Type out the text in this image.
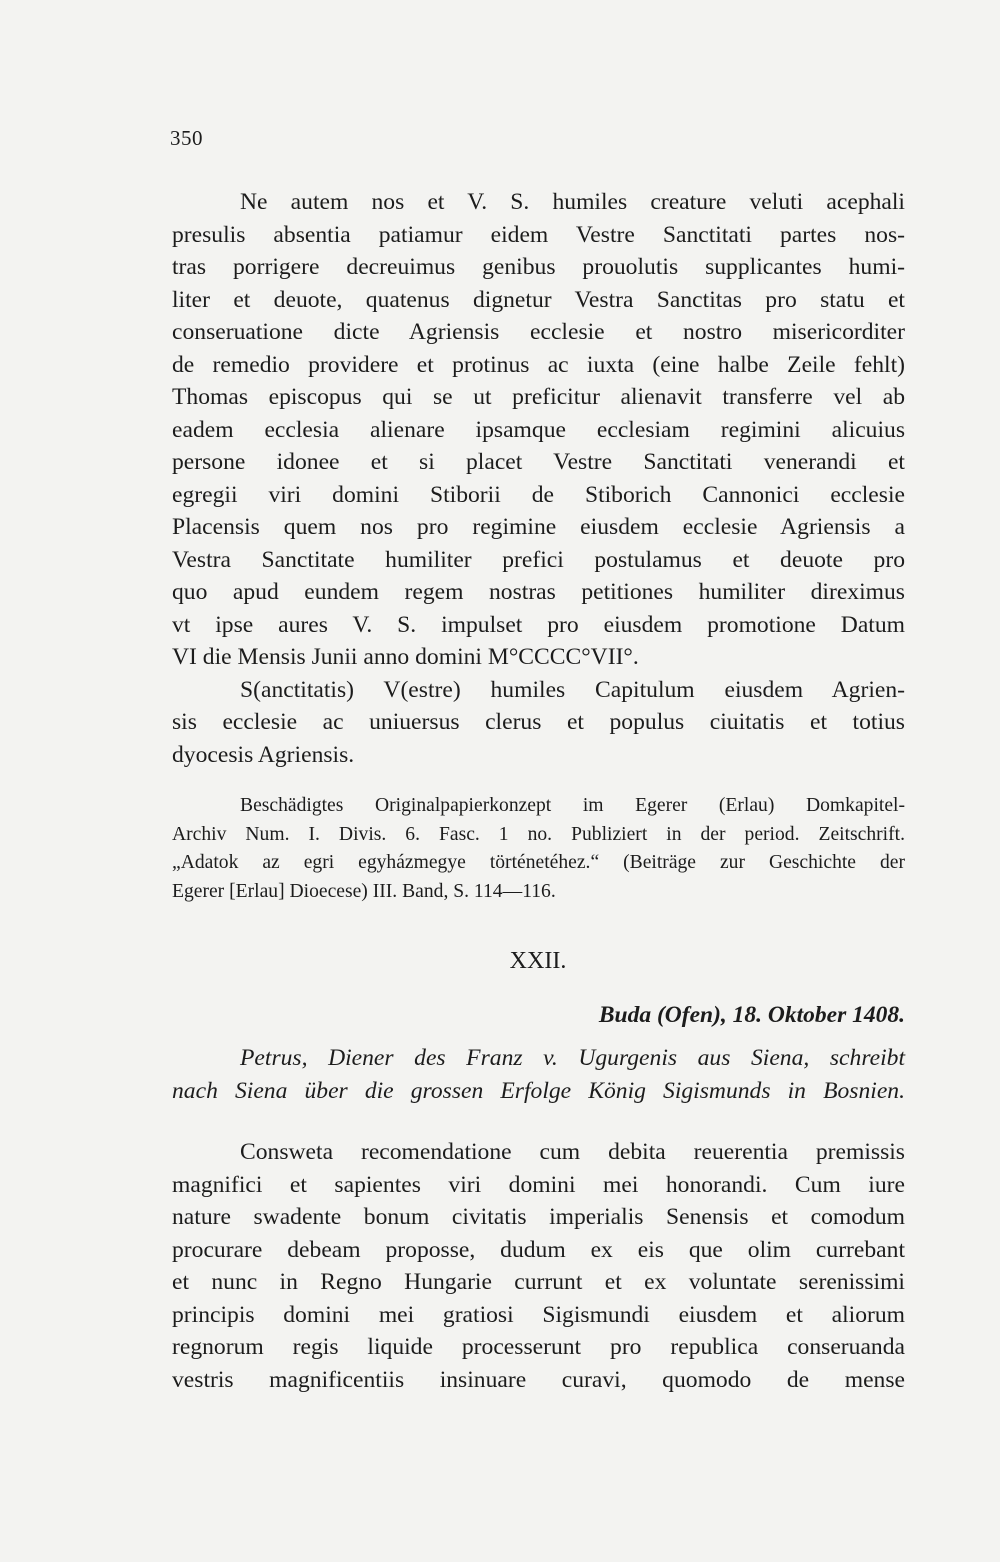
350
Ne autem nos et V. S. humiles creature veluti acephali
presulis absentia patiamur eidem Vestre Sanctitati partes nos-
tras porrigere decreuimus genibus prouolutis supplicantes humi-
liter et deuote, quatenus dignetur Vestra Sanctitas pro statu et
conseruatione dicte Agriensis ecclesie et nostro misericorditer
de remedio providere et protinus ac iuxta (eine halbe Zeile fehlt)
Thomas episcopus qui se ut preficitur alienavit transferre vel ab
eadem ecclesia alienare ipsamque ecclesiam regimini alicuius
persone idonee et si placet Vestre Sanctitati venerandi et
egregii viri domini Stiborii de Stiborich Cannonici ecclesie
Placensis quem nos pro regimine eiusdem ecclesie Agriensis a
Vestra Sanctitate humiliter prefici postulamus et deuote pro
quo apud eundem regem nostras petitiones humiliter direximus
vt ipse aures V. S. impulset pro eiusdem promotione Datum
VI die Mensis Junii anno domini M°CCCC°VII°.
S(anctitatis) V(estre) humiles Capitulum eiusdem Agrien-
sis ecclesie ac uniuersus clerus et populus ciuitatis et totius
dyocesis Agriensis.
Beschädigtes Originalpapierkonzept im Egerer (Erlau) Domkapitel-
Archiv Num. I. Divis. 6. Fasc. 1 no. Publiziert in der period. Zeitschrift.
„Adatok az egri egyházmegye történetéhez.“ (Beiträge zur Geschichte der
Egerer [Erlau] Dioecese) III. Band, S. 114—116.
XXII.
Buda (Ofen), 18. Oktober 1408.
Petrus, Diener des Franz v. Ugurgenis aus Siena, schreibt
nach Siena über die grossen Erfolge König Sigismunds in Bosnien.
Consweta recomendatione cum debita reuerentia premissis
magnifici et sapientes viri domini mei honorandi. Cum iure
nature swadente bonum civitatis imperialis Senensis et comodum
procurare debeam proposse, dudum ex eis que olim currebant
et nunc in Regno Hungarie currunt et ex voluntate serenissimi
principis domini mei gratiosi Sigismundi eiusdem et aliorum
regnorum regis liquide processerunt pro republica conseruanda
vestris magnificentiis insinuare curavi, quomodo de mense
